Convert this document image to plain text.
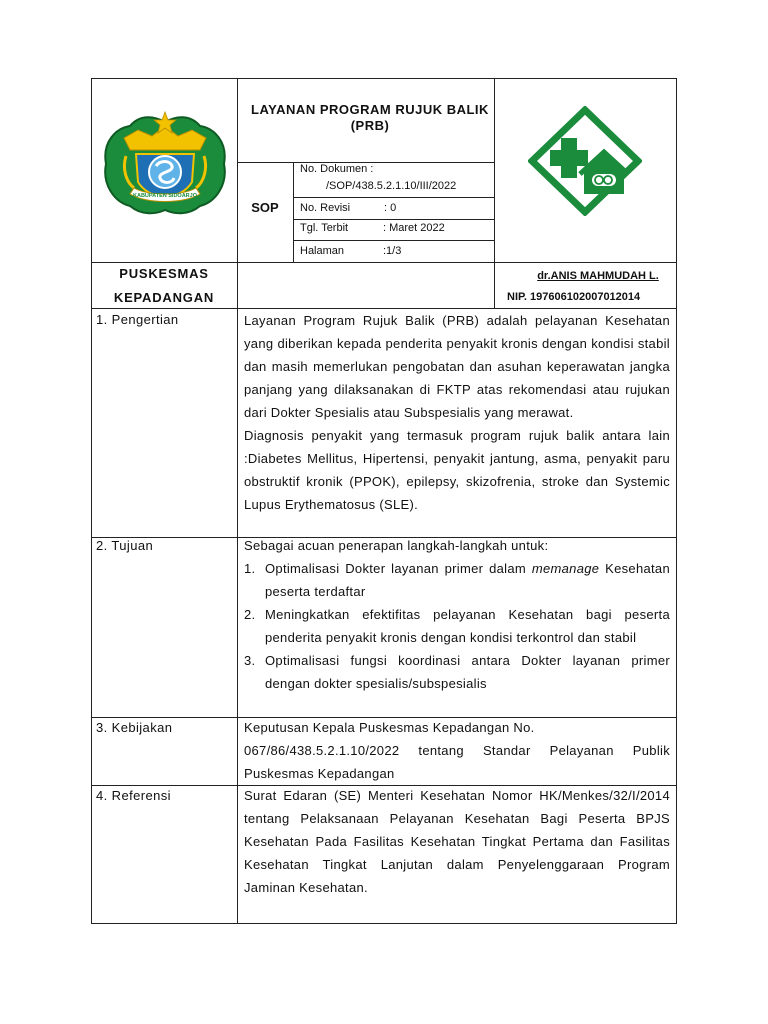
KABUPATEN SIDOARJO
LAYANAN PROGRAM RUJUK BALIK (PRB)
SOP
No. Dokumen :
/SOP/438.5.2.1.10/III/2022
No. Revisi	: 0
Tgl. Terbit	: Maret 2022
Halaman	:1/3
PUSKESMAS
KEPADANGAN
dr.ANIS MAHMUDAH L.
NIP. 197606102007012014
1. Pengertian	Layanan Program Rujuk Balik (PRB) adalah pelayanan Kesehatan yang diberikan kepada penderita penyakit kronis dengan kondisi stabil dan masih memerlukan pengobatan dan asuhan keperawatan jangka panjang yang dilaksanakan di FKTP atas rekomendasi atau rujukan dari Dokter Spesialis atau Subspesialis yang merawat.

Diagnosis penyakit yang termasuk program rujuk balik antara lain :Diabetes Mellitus, Hipertensi, penyakit jantung, asma, penyakit paru obstruktif kronik (PPOK), epilepsy, skizofrenia, stroke dan Systemic Lupus Erythematosus (SLE).

2. Tujuan	Sebagai acuan penerapan langkah-langkah untuk:

1. Optimalisasi Dokter layanan primer dalam memanage Kesehatan peserta terdaftar
2. Meningkatkan efektifitas pelayanan Kesehatan bagi peserta penderita penyakit kronis dengan kondisi terkontrol dan stabil
3. Optimalisasi fungsi koordinasi antara Dokter layanan primer dengan dokter spesialis/subspesialis
3. Kebijakan	Keputusan Kepala Puskesmas Kepadangan No.

067/86/438.5.2.1.10/2022 tentang Standar Pelayanan Publik Puskesmas Kepadangan

4. Referensi	Surat Edaran (SE) Menteri Kesehatan Nomor HK/Menkes/32/I/2014 tentang Pelaksanaan Pelayanan Kesehatan Bagi Peserta BPJS Kesehatan Pada Fasilitas Kesehatan Tingkat Pertama dan Fasilitas Kesehatan Tingkat Lanjutan dalam Penyelenggaraan Program Jaminan Kesehatan.
